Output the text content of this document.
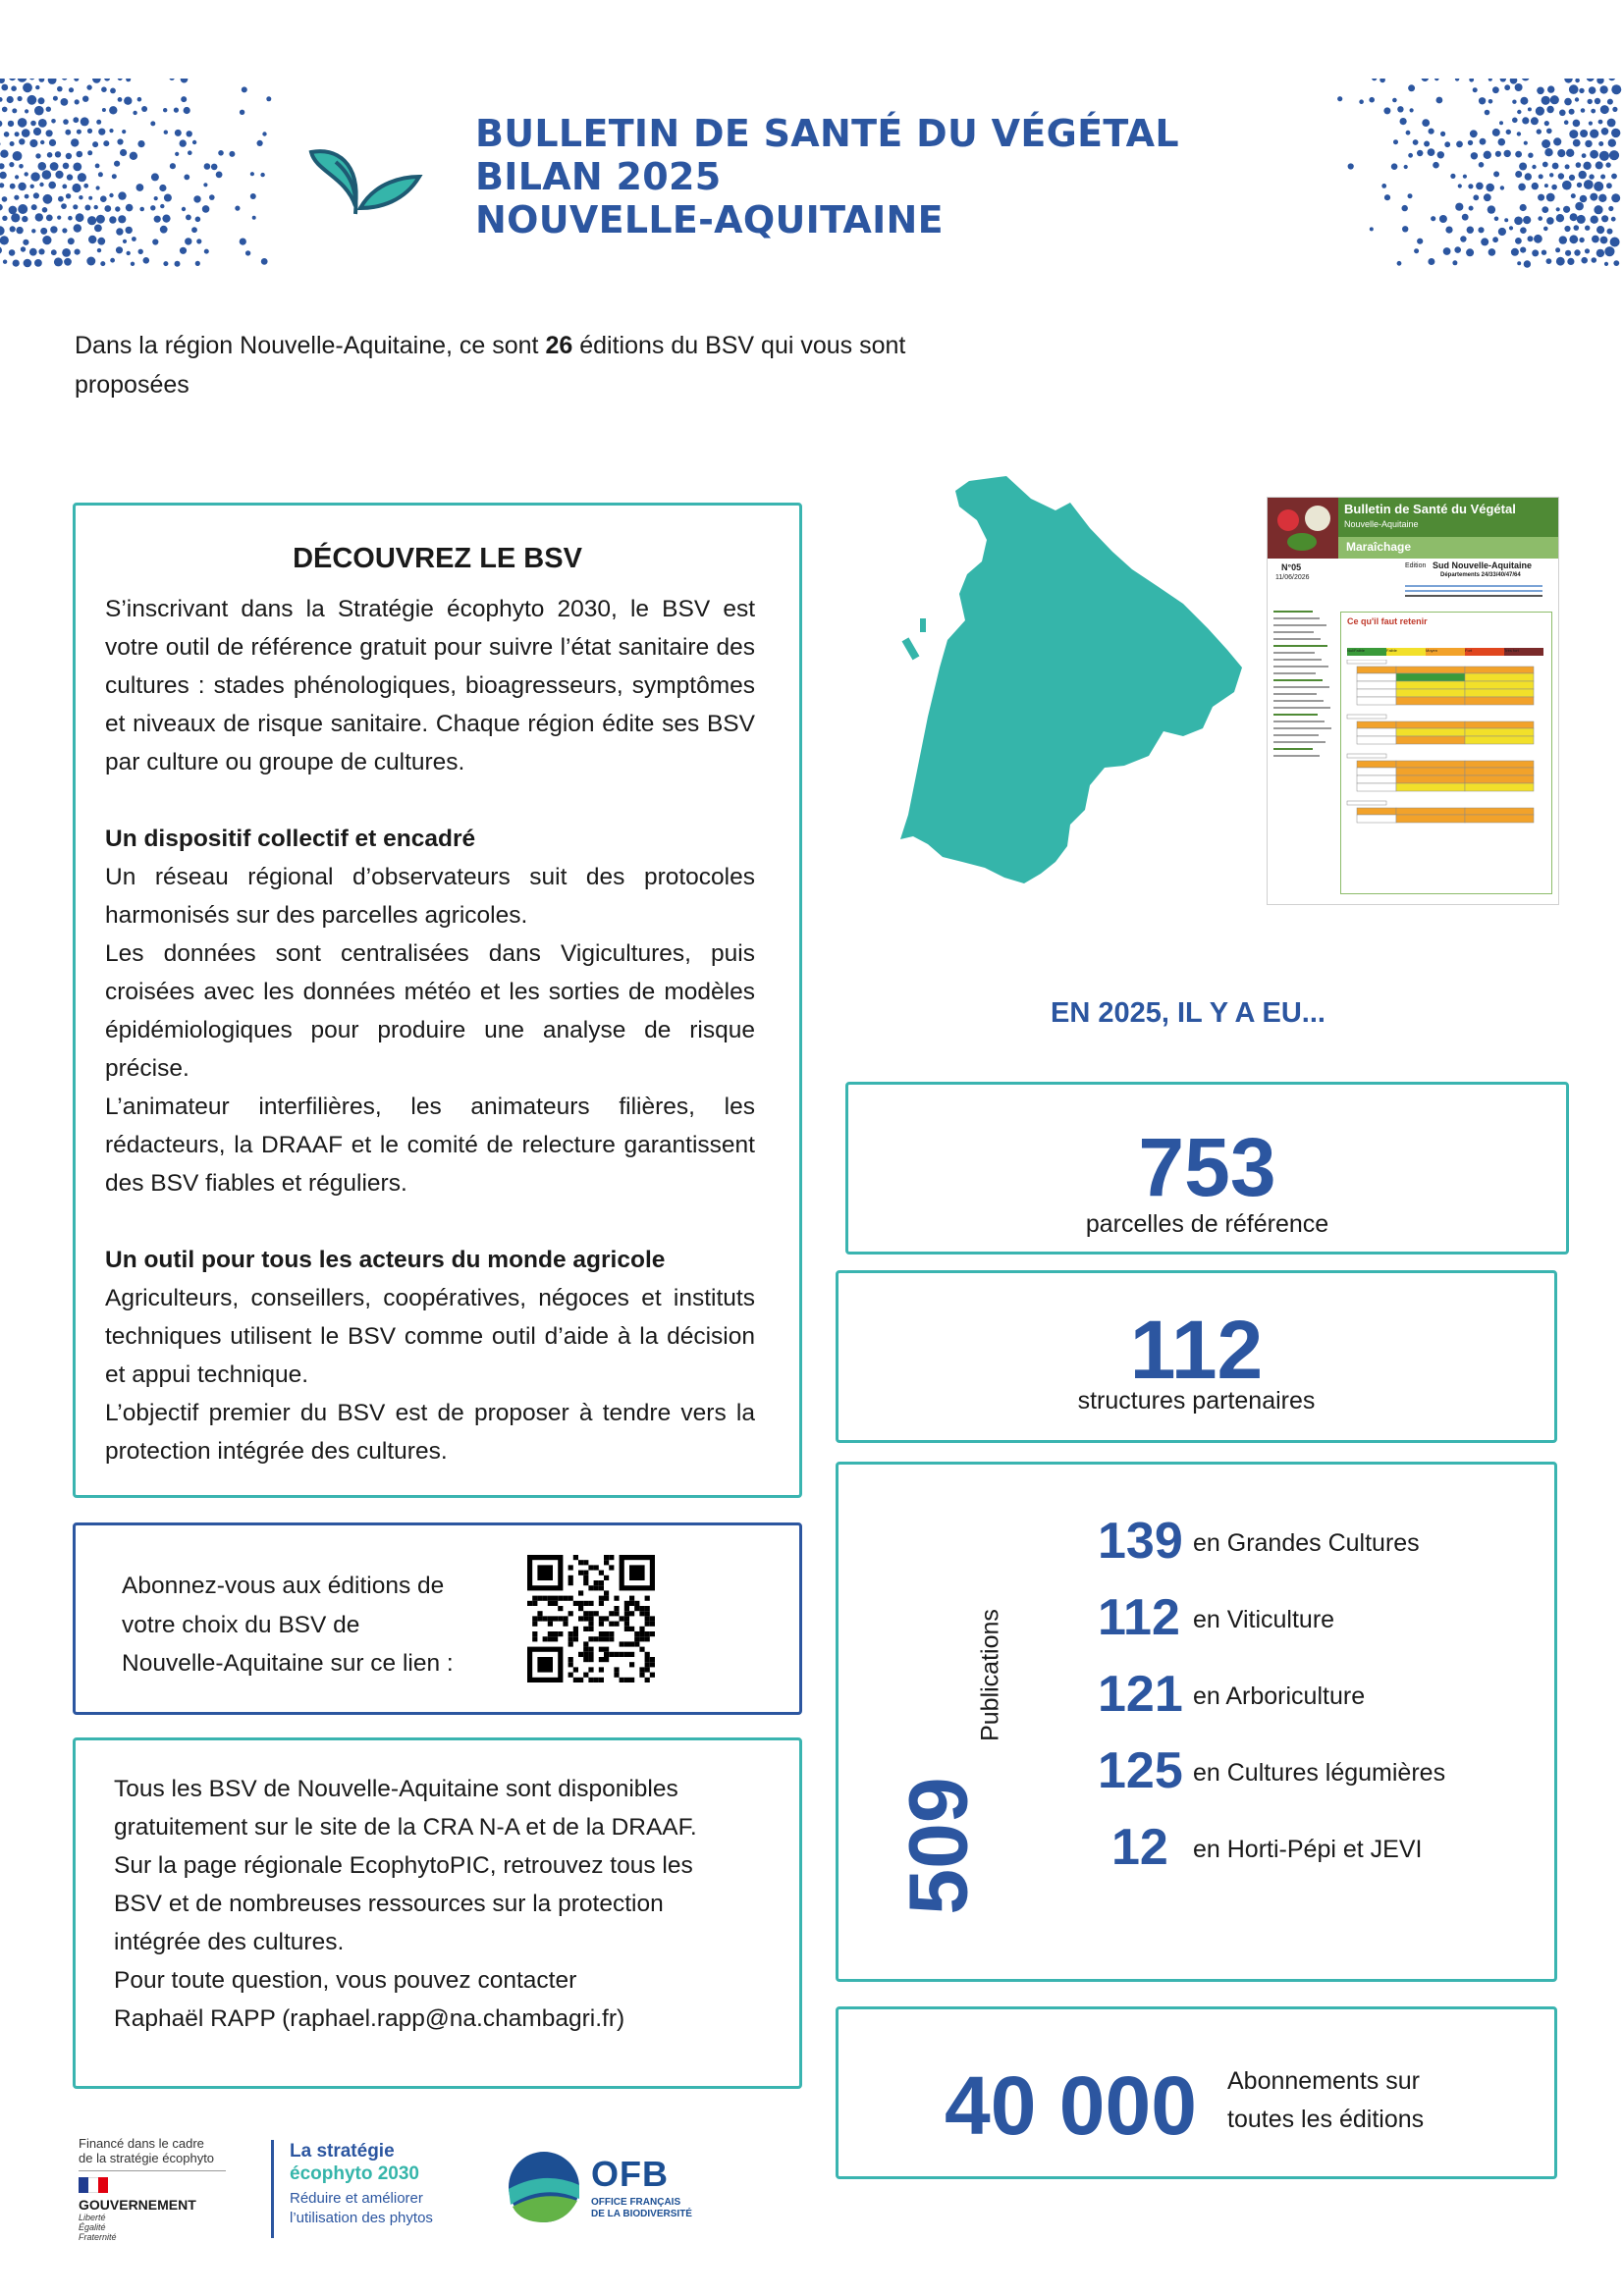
BULLETIN DE SANTÉ DU VÉGÉTAL
BILAN 2025
NOUVELLE-AQUITAINE
Dans la région Nouvelle-Aquitaine, ce sont 26 éditions du BSV qui vous sont proposées
DÉCOUVREZ LE BSV

S’inscrivant dans la Stratégie écophyto 2030, le BSV est votre outil de référence gratuit pour suivre l’état sanitaire des cultures : stades phénologiques, bioagresseurs, symptômes et niveaux de risque sanitaire. Chaque région édite ses BSV par culture ou groupe de cultures.

Un dispositif collectif et encadré

Un réseau régional d’observateurs suit des protocoles harmonisés sur des parcelles agricoles.

Les données sont centralisées dans Vigicultures, puis croisées avec les données météo et les sorties de modèles épidémiologiques pour produire une analyse de risque précise.

L’animateur interfilières, les animateurs filières, les rédacteurs, la DRAAF et le comité de relecture garantissent des BSV fiables et réguliers.

Un outil pour tous les acteurs du monde agricole

Agriculteurs, conseillers, coopératives, négoces et instituts techniques utilisent le BSV comme outil d’aide à la décision et appui technique.

L’objectif premier du BSV est de proposer à tendre vers la protection intégrée des cultures.

Abonnez-vous aux éditions de
votre choix du BSV de
Nouvelle-Aquitaine sur ce lien :
Tous les BSV de Nouvelle-Aquitaine sont disponibles
gratuitement sur le site de la CRA N-A et de la DRAAF.
Sur la page régionale EcophytoPIC, retrouvez tous les
BSV et de nombreuses ressources sur la protection
intégrée des cultures.
Pour toute question, vous pouvez contacter
Raphaël RAPP (raphael.rapp@na.chambagri.fr)
Bulletin de Santé du Végétal
Nouvelle-Aquitaine
Maraîchage
N°05
11/06/2026
Edition Sud Nouvelle-Aquitaine
Départements 24/33/40/47/64
Ce qu'il faut retenir
Nul/Faible	Faible	Moyen	Fort	Très fort
EN 2025, IL Y A EU...
753
parcelles de référence
112
structures partenaires
509
Publications
139 en Grandes Cultures
112 en Viticulture
121 en Arboriculture
125 en Cultures légumières
12 en Horti-Pépi et JEVI
40 000 Abonnements sur
toutes les éditions
Financé dans le cadre
de la stratégie écophyto
GOUVERNEMENT
Liberté
Égalité
Fraternité
La stratégie
écophyto 2030
Réduire et améliorer
l’utilisation des phytos
OFB
OFFICE FRANÇAIS
DE LA BIODIVERSITÉ
